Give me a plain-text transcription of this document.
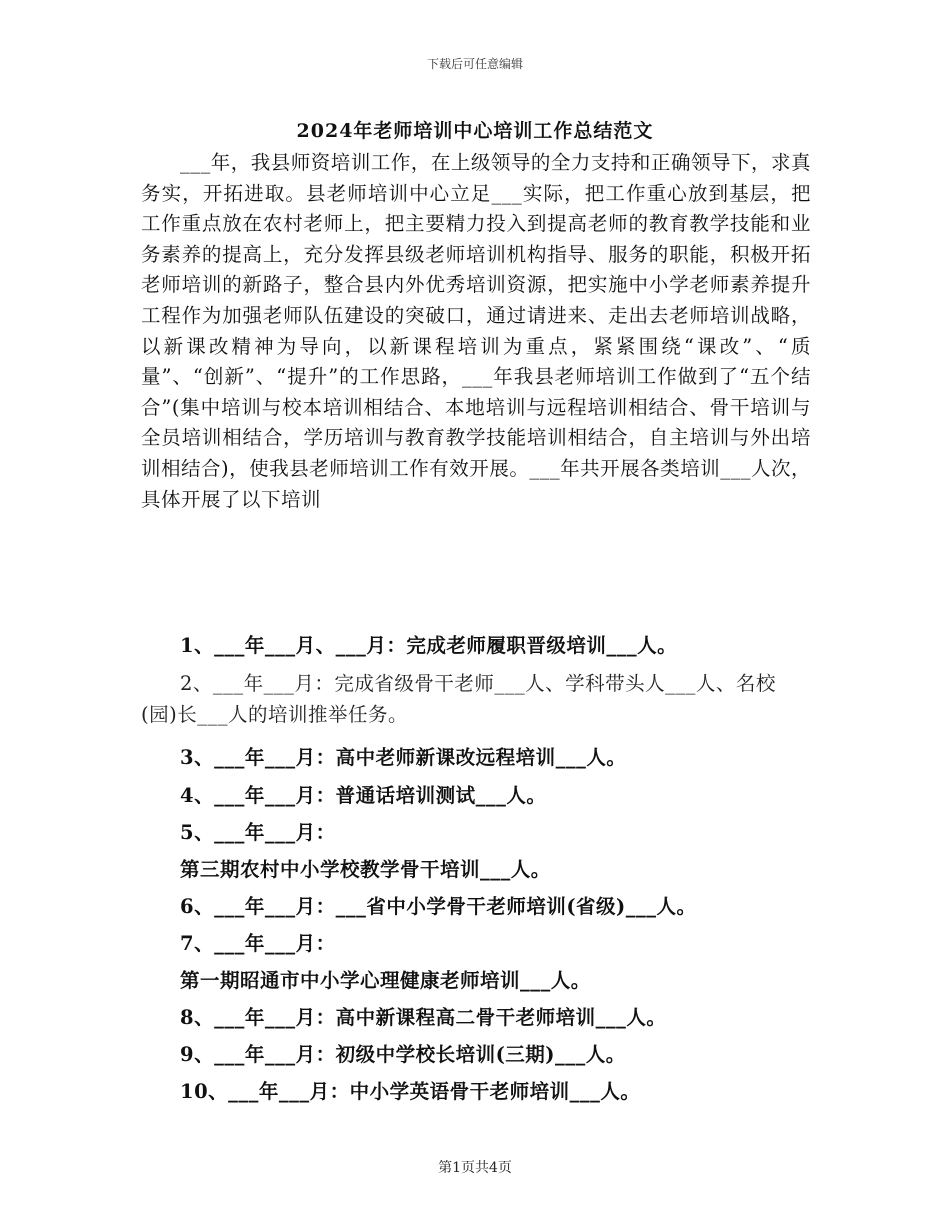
下载后可任意编辑
2024年老师培训中心培训工作总结范文
___年，我县师资培训工作，在上级领导的全力支持和正确领导下，求真务实，开拓进取。县老师培训中心立足___实际，把工作重心放到基层，把工作重点放在农村老师上，把主要精力投入到提高老师的教育教学技能和业务素养的提高上，充分发挥县级老师培训机构指导、服务的职能，积极开拓老师培训的新路子，整合县内外优秀培训资源，把实施中小学老师素养提升工程作为加强老师队伍建设的突破口，通过请进来、走出去老师培训战略，以新课改精神为导向，以新课程培训为重点，紧紧围绕“课改”、“质量”、“创新”、“提升”的工作思路，___年我县老师培训工作做到了“五个结合”(集中培训与校本培训相结合、本地培训与远程培训相结合、骨干培训与全员培训相结合，学历培训与教育教学技能培训相结合，自主培训与外出培训相结合)，使我县老师培训工作有效开展。___年共开展各类培训___人次，具体开展了以下培训
1、___年___月、___月：完成老师履职晋级培训___人。
2、___年___月：完成省级骨干老师___人、学科带头人___人、名校(园)长___人的培训推举任务。
3、___年___月：高中老师新课改远程培训___人。
4、___年___月：普通话培训测试___人。
5、___年___月：
第三期农村中小学校教学骨干培训___人。
6、___年___月：___省中小学骨干老师培训(省级)___人。
7、___年___月：
第一期昭通市中小学心理健康老师培训___人。
8、___年___月：高中新课程高二骨干老师培训___人。
9、___年___月：初级中学校长培训(三期)___人。
10、___年___月：中小学英语骨干老师培训___人。
第1页共4页
